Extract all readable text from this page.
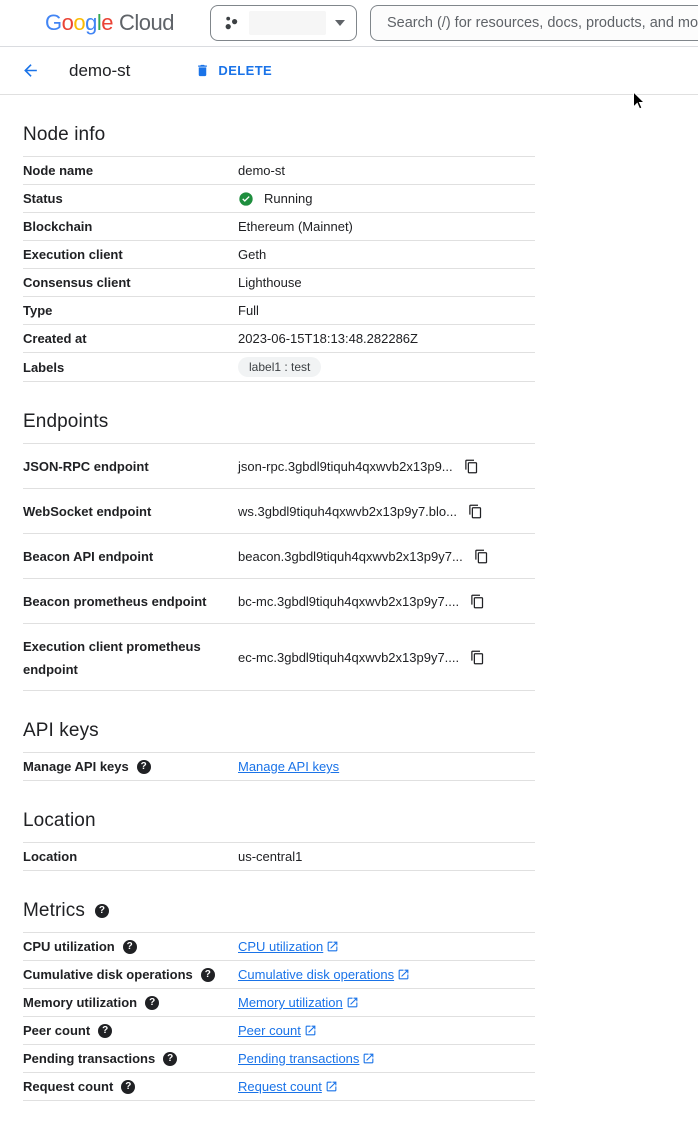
Google Cloud
Search (/) for resources, docs, products, and more
demo-st	DELETE
Node info
Node name	demo-st
Status	Running
Blockchain	Ethereum (Mainnet)
Execution client	Geth
Consensus client	Lighthouse
Type	Full
Created at	2023-06-15T18:13:48.282286Z
Labels	label1 : test
Endpoints
JSON-RPC endpoint	json-rpc.3gbdl9tiquh4qxwvb2x13p9...
WebSocket endpoint	ws.3gbdl9tiquh4qxwvb2x13p9y7.blo...
Beacon API endpoint	beacon.3gbdl9tiquh4qxwvb2x13p9y7...
Beacon prometheus endpoint	bc-mc.3gbdl9tiquh4qxwvb2x13p9y7....
Execution client prometheus endpoint
ec-mc.3gbdl9tiquh4qxwvb2x13p9y7....
API keys
Manage API keys	?	Manage API keys
Location
Location	us-central1
Metrics	?
CPU utilization	?	CPU utilization
Cumulative disk operations	?	Cumulative disk operations
Memory utilization	?	Memory utilization
Peer count	?	Peer count
Pending transactions	?	Pending transactions
Request count	?	Request count
